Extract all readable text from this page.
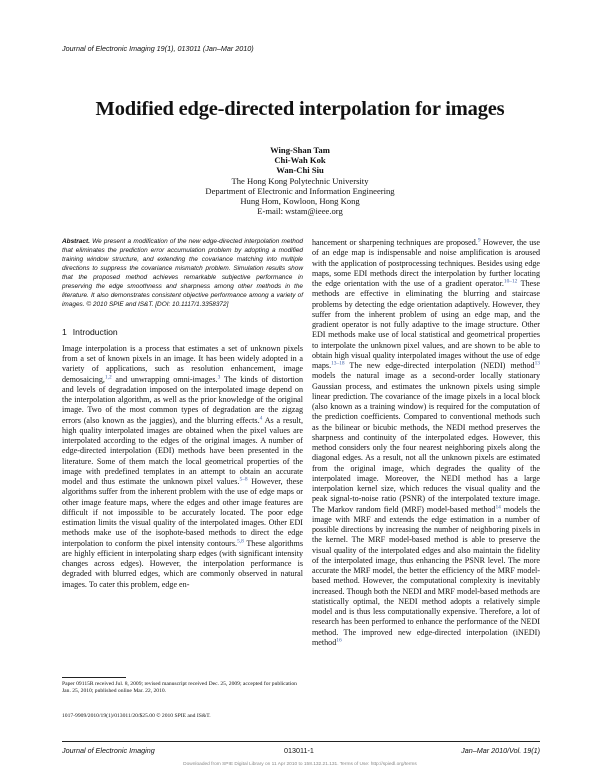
Journal of Electronic Imaging 19(1), 013011 (Jan–Mar 2010)
Modified edge-directed interpolation for images
Wing-Shan Tam
Chi-Wah Kok
Wan-Chi Siu
The Hong Kong Polytechnic University
Department of Electronic and Information Engineering
Hung Hom, Kowloon, Hong Kong
E-mail: wstam@ieee.org
Abstract. We present a modification of the new edge-directed interpolation method that eliminates the prediction error accumulation problem by adopting a modified training window structure, and extending the covariance matching into multiple directions to suppress the covariance mismatch problem. Simulation results show that the proposed method achieves remarkable subjective performance in preserving the edge smoothness and sharpness among other methods in the literature. It also demonstrates consistent objective performance among a variety of images. © 2010 SPIE and IS&T. [DOI: 10.1117/1.3358372]
1 Introduction

Image interpolation is a process that estimates a set of unknown pixels from a set of known pixels in an image. It has been widely adopted in a variety of applications, such as resolution enhancement, image demosaicing,$^{1,2}$ and unwrapping omni-images.$^3$ The kinds of distortion and levels of degradation imposed on the interpolated image depend on the interpolation algorithm, as well as the prior knowledge of the original image. Two of the most common types of degradation are the zigzag errors (also known as the jaggies), and the blurring effects.$^4$ As a result, high quality interpolated images are obtained when the pixel values are interpolated according to the edges of the original images. A number of edge-directed interpolation (EDI) methods have been presented in the literature. Some of them match the local geometrical properties of the image with predefined templates in an attempt to obtain an accurate model and thus estimate the unknown pixel values.$^{5-8}$ However, these algorithms suffer from the inherent problem with the use of edge maps or other image feature maps, where the edges and other image features are difficult if not impossible to be accurately located. The poor edge estimation limits the visual quality of the interpolated images. Other EDI methods make use of the isophote-based methods to direct the edge interpolation to conform the pixel intensity contours.$^{5,8}$ These algorithms are highly efficient in interpolating sharp edges (with significant intensity changes across edges). However, the interpolation performance is degraded with blurred edges, which are commonly observed in natural images. To cater this problem, edge en-

hancement or sharpening techniques are proposed.$^9$ However, the use of an edge map is indispensable and noise amplification is aroused with the application of postprocessing techniques. Besides using edge maps, some EDI methods direct the interpolation by further locating the edge orientation with the use of a gradient operator.$^{10-12}$ These methods are effective in eliminating the blurring and staircase problems by detecting the edge orientation adaptively. However, they suffer from the inherent problem of using an edge map, and the gradient operator is not fully adaptive to the image structure. Other EDI methods make use of local statistical and geometrical properties to interpolate the unknown pixel values, and are shown to be able to obtain high visual quality interpolated images without the use of edge maps.$^{13-18}$ The new edge-directed interpolation (NEDI) method$^{13}$ models the natural image as a second-order locally stationary Gaussian process, and estimates the unknown pixels using simple linear prediction. The covariance of the image pixels in a local block (also known as a training window) is required for the computation of the prediction coefficients. Compared to conventional methods such as the bilinear or bicubic methods, the NEDI method preserves the sharpness and continuity of the interpolated edges. However, this method considers only the four nearest neighboring pixels along the diagonal edges. As a result, not all the unknown pixels are estimated from the original image, which degrades the quality of the interpolated image. Moreover, the NEDI method has a large interpolation kernel size, which reduces the visual quality and the peak signal-to-noise ratio (PSNR) of the interpolated texture image. The Markov random field (MRF) model-based method$^{14}$ models the image with MRF and extends the edge estimation in a number of possible directions by increasing the number of neighboring pixels in the kernel. The MRF model-based method is able to preserve the visual quality of the interpolated edges and also maintain the fidelity of the interpolated image, thus enhancing the PSNR level. The more accurate the MRF model, the better the efficiency of the MRF model-based method. However, the computational complexity is inevitably increased. Though both the NEDI and MRF model-based methods are statistically optimal, the NEDI method adopts a relatively simple model and is thus less computationally expensive. Therefore, a lot of research has been performed to enhance the performance of the NEDI method. The improved new edge-directed interpolation (iNEDI) method$^{16}$

Paper 09115R received Jul. 8, 2009; revised manuscript received Dec. 25, 2009; accepted for publication Jan. 25, 2010; published online Mar. 22, 2010.
1017-9909/2010/19(1)/013011/20/$25.00 © 2010 SPIE and IS&T.
Journal of Electronic Imaging	013011-1	Jan–Mar 2010/Vol. 19(1)
Downloaded from SPIE Digital Library on 11 Apr 2010 to 158.132.21.131. Terms of Use: http://spiedl.org/terms
